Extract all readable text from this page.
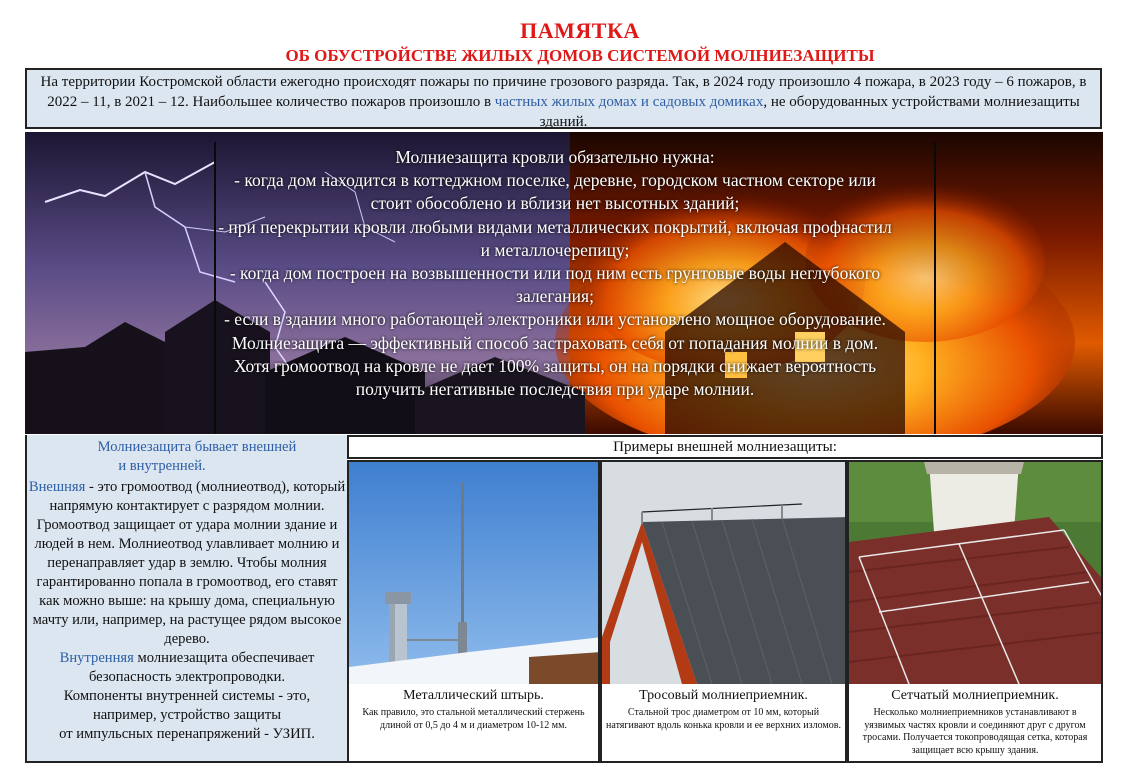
ПАМЯТКА
ОБ ОБУСТРОЙСТВЕ ЖИЛЫХ ДОМОВ СИСТЕМОЙ МОЛНИЕЗАЩИТЫ
На территории Костромской области ежегодно происходят пожары по причине грозового разряда. Так, в 2024 году произошло 4 пожара, в 2023 году – 6 пожаров, в 2022 – 11, в 2021 – 12. Наибольшее количество пожаров произошло в частных жилых домах и садовых домиках, не оборудованных устройствами молниезащиты зданий.
Молниезащита кровли обязательно нужна:
- когда дом находится в коттеджном поселке, деревне, городском частном секторе или стоит обособлено и вблизи нет высотных зданий;
- при перекрытии кровли любыми видами металлических покрытий, включая профнастил и металлочерепицу;
- когда дом построен на возвышенности или под ним есть грунтовые воды неглубокого залегания;
- если в здании много работающей электроники или установлено мощное оборудование.
Молниезащита — эффективный способ застраховать себя от попадания молнии в дом. Хотя громоотвод на кровле не дает 100% защиты, он на порядки снижает вероятность получить негативные последствия при ударе молнии.

Молниезащита бывает внешней

и внутренней.

Внешняя - это громоотвод (молниеотвод), который напрямую контактирует с разрядом молнии. Громоотвод защищает от удара молнии здание и людей в нем. Молниеотвод улавливает молнию и перенаправляет удар в землю. Чтобы молния гарантированно попала в громоотвод, его ставят как можно выше: на крышу дома, специальную мачту или, например, на растущее рядом высокое дерево.

Внутренняя молниезащита обеспечивает безопасность электропроводки.

Компоненты внутренней системы - это,

например, устройство защиты

от импульсных перенапряжений - УЗИП.

Примеры внешней молниезащиты:
Металлический штырь.
Как правило, это стальной металлический стержень длиной от 0,5 до 4 м и диаметром 10-12 мм.
Тросовый молниеприемник.
Стальной трос диаметром от 10 мм, который натягивают вдоль конька кровли и ее верхних изломов.
Сетчатый молниеприемник.
Несколько молниеприемников устанавливают в уязвимых частях кровли и соединяют друг с другом тросами. Получается токопроводящая сетка, которая защищает всю крышу здания.
